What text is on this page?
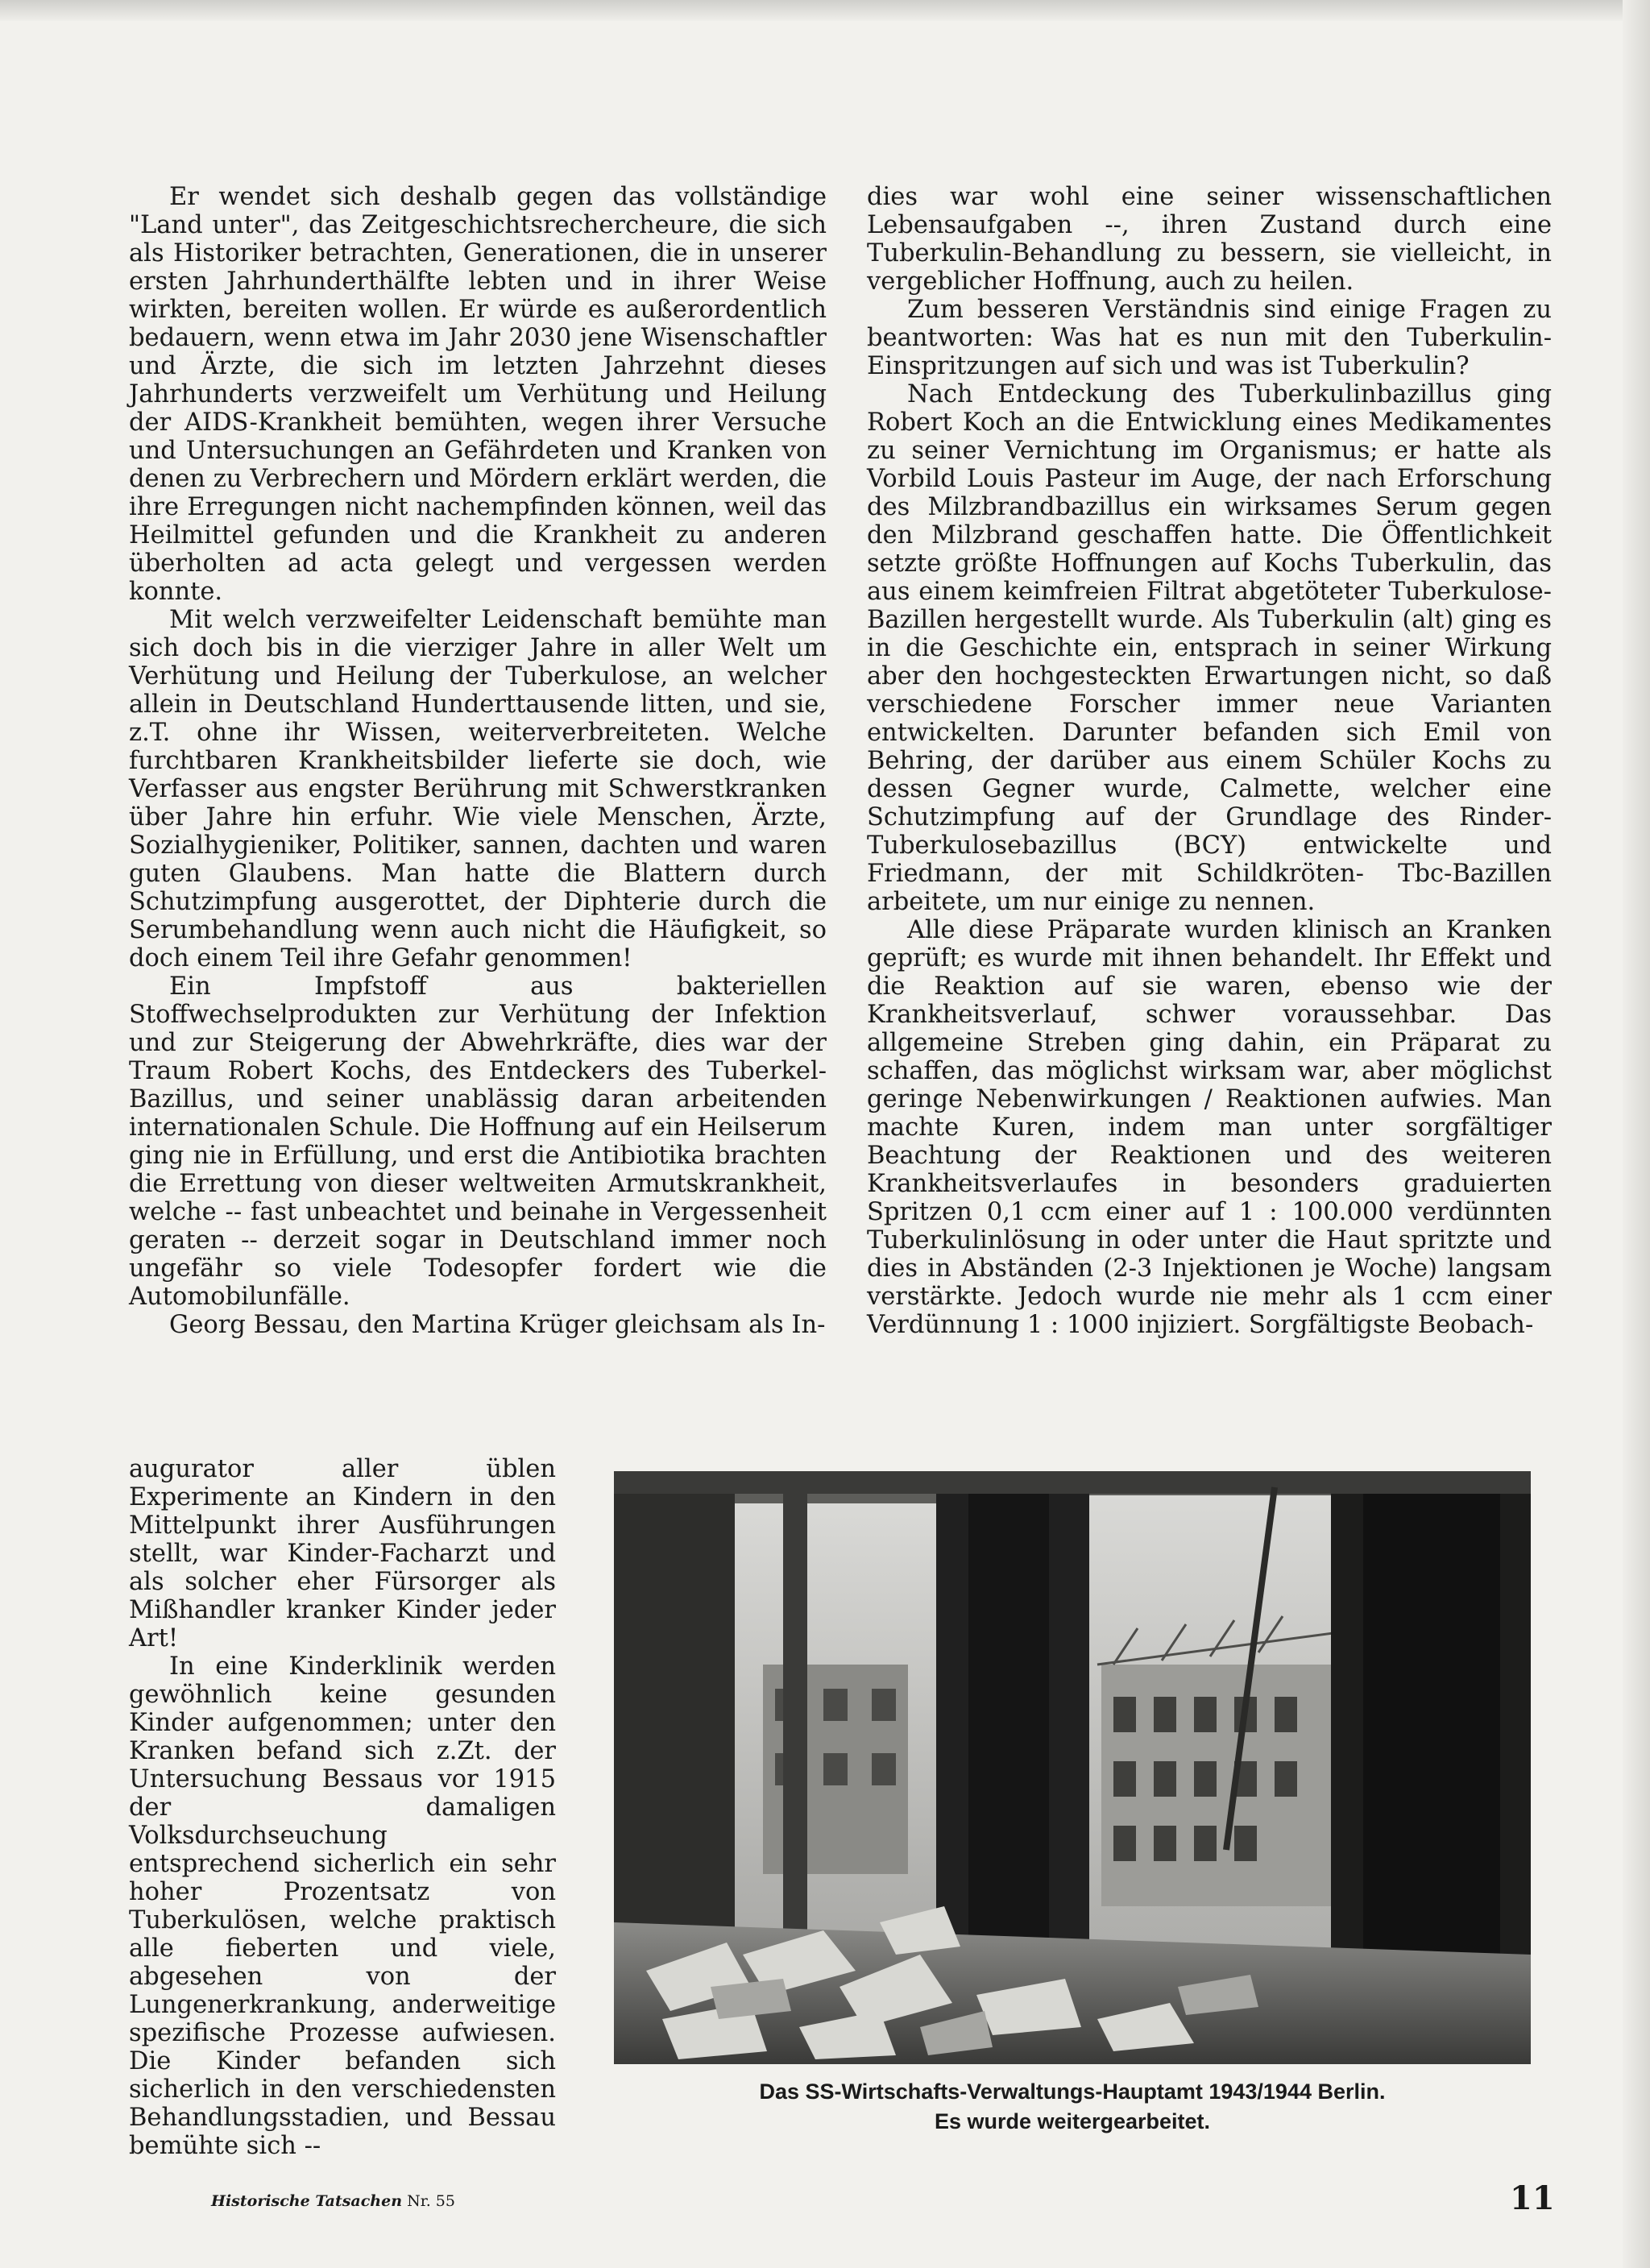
Er wendet sich deshalb gegen das vollständige "Land unter", das Zeitgeschichtsrechercheure, die sich als Historiker betrachten, Generationen, die in unserer ersten Jahrhunderthälfte lebten und in ihrer Weise wirkten, bereiten wollen. Er würde es außerordentlich bedauern, wenn etwa im Jahr 2030 jene Wisenschaftler und Ärzte, die sich im letzten Jahrzehnt dieses Jahrhunderts verzweifelt um Verhütung und Heilung der AIDS-Krankheit bemühten, wegen ihrer Versuche und Untersuchungen an Gefährdeten und Kranken von denen zu Verbrechern und Mördern erklärt werden, die ihre Erregungen nicht nachempfinden können, weil das Heilmittel gefunden und die Krankheit zu anderen überholten ad acta gelegt und vergessen werden konnte.

Mit welch verzweifelter Leidenschaft bemühte man sich doch bis in die vierziger Jahre in aller Welt um Verhütung und Heilung der Tuberkulose, an welcher allein in Deutschland Hunderttausende litten, und sie, z.T. ohne ihr Wissen, weiterverbreiteten. Welche furchtbaren Krankheitsbilder lieferte sie doch, wie Verfasser aus engster Berührung mit Schwerstkranken über Jahre hin erfuhr. Wie viele Menschen, Ärzte, Sozialhygieniker, Politiker, sannen, dachten und waren guten Glaubens. Man hatte die Blattern durch Schutzimpfung ausgerottet, der Diphterie durch die Serumbehandlung wenn auch nicht die Häufigkeit, so doch einem Teil ihre Gefahr genommen!

Ein Impfstoff aus bakteriellen Stoffwechselprodukten zur Verhütung der Infektion und zur Steigerung der Abwehrkräfte, dies war der Traum Robert Kochs, des Entdeckers des Tuberkel-Bazillus, und seiner unablässig daran arbeitenden internationalen Schule. Die Hoffnung auf ein Heilserum ging nie in Erfüllung, und erst die Antibiotika brachten die Errettung von dieser weltweiten Armutskrankheit, welche -- fast unbeachtet und beinahe in Vergessenheit geraten -- derzeit sogar in Deutschland immer noch ungefähr so viele Todesopfer fordert wie die Automobilunfälle.

Georg Bessau, den Martina Krüger gleichsam als In-

augurator aller üblen Experimente an Kindern in den Mittelpunkt ihrer Ausführungen stellt, war Kinder-Facharzt und als solcher eher Fürsorger als Mißhandler kranker Kinder jeder Art!

In eine Kinderklinik werden gewöhnlich keine gesunden Kinder aufgenommen; unter den Kranken befand sich z.Zt. der Untersuchung Bessaus vor 1915 der damaligen Volksdurchseuchung entsprechend sicherlich ein sehr hoher Prozentsatz von Tuberkulösen, welche praktisch alle fieberten und viele, abgesehen von der Lungenerkrankung, anderweitige spezifische Prozesse aufwiesen. Die Kinder befanden sich sicherlich in den verschiedensten Behandlungsstadien, und Bessau bemühte sich --

dies war wohl eine seiner wissenschaftlichen Lebensaufgaben --, ihren Zustand durch eine Tuberkulin-Behandlung zu bessern, sie vielleicht, in vergeblicher Hoffnung, auch zu heilen.

Zum besseren Verständnis sind einige Fragen zu beantworten: Was hat es nun mit den Tuberkulin-Einspritzungen auf sich und was ist Tuberkulin?

Nach Entdeckung des Tuberkulinbazillus ging Robert Koch an die Entwicklung eines Medikamentes zu seiner Vernichtung im Organismus; er hatte als Vorbild Louis Pasteur im Auge, der nach Erforschung des Milzbrandbazillus ein wirksames Serum gegen den Milzbrand geschaffen hatte. Die Öffentlichkeit setzte größte Hoffnungen auf Kochs Tuberkulin, das aus einem keimfreien Filtrat abgetöteter Tuberkulose-Bazillen hergestellt wurde. Als Tuberkulin (alt) ging es in die Geschichte ein, entsprach in seiner Wirkung aber den hochgesteckten Erwartungen nicht, so daß verschiedene Forscher immer neue Varianten entwickelten. Darunter befanden sich Emil von Behring, der darüber aus einem Schüler Kochs zu dessen Gegner wurde, Calmette, welcher eine Schutzimpfung auf der Grundlage des Rinder-Tuberkulosebazillus (BCY) entwickelte und Friedmann, der mit Schildkröten- Tbc-Bazillen arbeitete, um nur einige zu nennen.

Alle diese Präparate wurden klinisch an Kranken geprüft; es wurde mit ihnen behandelt. Ihr Effekt und die Reaktion auf sie waren, ebenso wie der Krankheitsverlauf, schwer voraussehbar. Das allgemeine Streben ging dahin, ein Präparat zu schaffen, das möglichst wirksam war, aber möglichst geringe Nebenwirkungen / Reaktionen aufwies. Man machte Kuren, indem man unter sorgfältiger Beachtung der Reaktionen und des weiteren Krankheitsverlaufes in besonders graduierten Spritzen 0,1 ccm einer auf 1 : 100.000 verdünnten Tuberkulinlösung in oder unter die Haut spritzte und dies in Abständen (2-3 Injektionen je Woche) langsam verstärkte. Jedoch wurde nie mehr als 1 ccm einer Verdünnung 1 : 1000 injiziert. Sorgfältigste Beobach-

Das SS-Wirtschafts-Verwaltungs-Hauptamt 1943/1944 Berlin.
Es wurde weitergearbeitet.
Historische Tatsachen Nr. 55	11
